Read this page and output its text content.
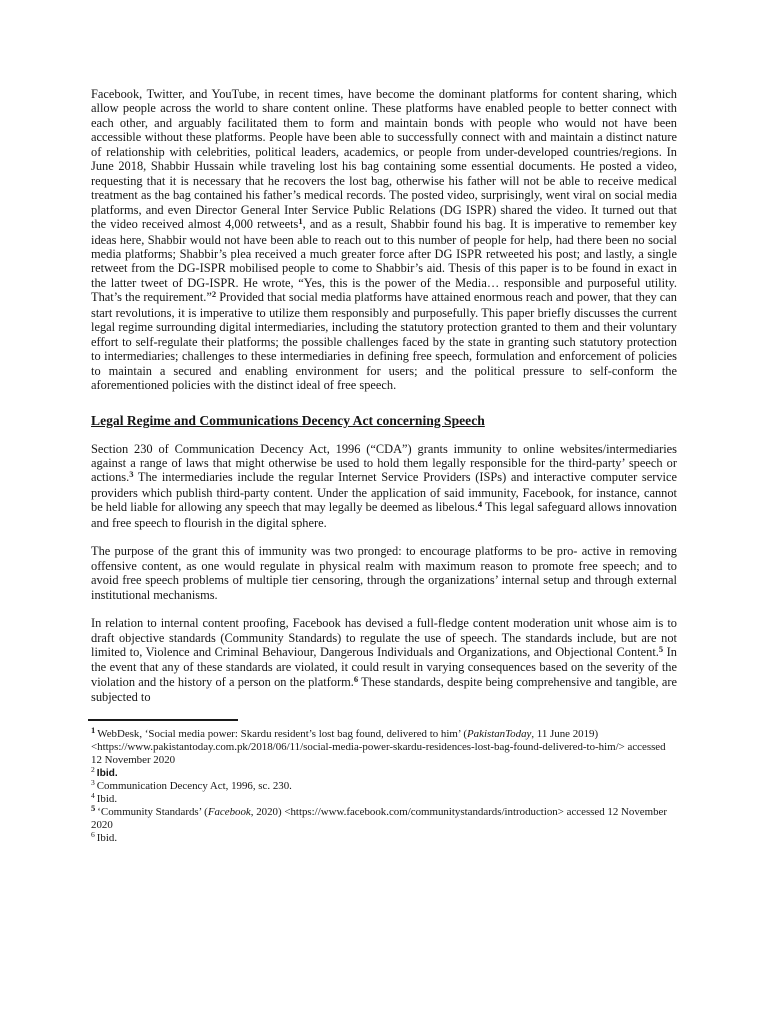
Facebook, Twitter, and YouTube, in recent times, have become the dominant platforms for content sharing, which allow people across the world to share content online. These platforms have enabled people to better connect with each other, and arguably facilitated them to form and maintain bonds with people who would not have been accessible without these platforms. People have been able to successfully connect with and maintain a distinct nature of relationship with celebrities, political leaders, academics, or people from under-developed countries/regions. In June 2018, Shabbir Hussain while traveling lost his bag containing some essential documents. He posted a video, requesting that it is necessary that he recovers the lost bag, otherwise his father will not be able to receive medical treatment as the bag contained his father’s medical records. The posted video, surprisingly, went viral on social media platforms, and even Director General Inter Service Public Relations (DG ISPR) shared the video. It turned out that the video received almost 4,000 retweets$^1$, and as a result, Shabbir found his bag. It is imperative to remember key ideas here, Shabbir would not have been able to reach out to this number of people for help, had there been no social media platforms; Shabbir’s plea received a much greater force after DG ISPR retweeted his post; and lastly, a single retweet from the DG-ISPR mobilised people to come to Shabbir’s aid. Thesis of this paper is to be found in exact in the latter tweet of DG-ISPR. He wrote, “Yes, this is the power of the Media… responsible and purposeful utility. That’s the requirement.”$^2$ Provided that social media platforms have attained enormous reach and power, that they can start revolutions, it is imperative to utilize them responsibly and purposefully. This paper briefly discusses the current legal regime surrounding digital intermediaries, including the statutory protection granted to them and their voluntary effort to self-regulate their platforms; the possible challenges faced by the state in granting such statutory protection to intermediaries; challenges to these intermediaries in defining free speech, formulation and enforcement of policies to maintain a secured and enabling environment for users; and the political pressure to self-conform the aforementioned policies with the distinct ideal of free speech.
Legal Regime and Communications Decency Act concerning Speech
Section 230 of Communication Decency Act, 1996 (“CDA”) grants immunity to online websites/intermediaries against a range of laws that might otherwise be used to hold them legally responsible for the third-party’ speech or actions.$^3$ The intermediaries include the regular Internet Service Providers (ISPs) and interactive computer service providers which publish third-party content. Under the application of said immunity, Facebook, for instance, cannot be held liable for allowing any speech that may legally be deemed as libelous.$^4$ This legal safeguard allows innovation and free speech to flourish in the digital sphere.
The purpose of the grant this of immunity was two pronged: to encourage platforms to be pro- active in removing offensive content, as one would regulate in physical realm with maximum reason to promote free speech; and to avoid free speech problems of multiple tier censoring, through the organizations’ internal setup and through external institutional mechanisms.
In relation to internal content proofing, Facebook has devised a full-fledge content moderation unit whose aim is to draft objective standards (Community Standards) to regulate the use of speech. The standards include, but are not limited to, Violence and Criminal Behaviour, Dangerous Individuals and Organizations, and Objectional Content.$^5$ In the event that any of these standards are violated, it could result in varying consequences based on the severity of the violation and the history of a person on the platform.$^6$ These standards, despite being comprehensive and tangible, are subjected to
$^1$ WebDesk, ‘Social media power: Skardu resident’s lost bag found, delivered to him’ (PakistanToday, 11 June 2019) <https://www.pakistantoday.com.pk/2018/06/11/social-media-power-skardu-residences-lost-bag-found-delivered-to-him/> accessed 12 November 2020
$^2$ Ibid.
$^3$ Communication Decency Act, 1996, sc. 230.
$^4$ Ibid.
$^5$ ‘Community Standards’ (Facebook, 2020) <https://www.facebook.com/communitystandards/introduction> accessed 12 November 2020
$^6$ Ibid.
